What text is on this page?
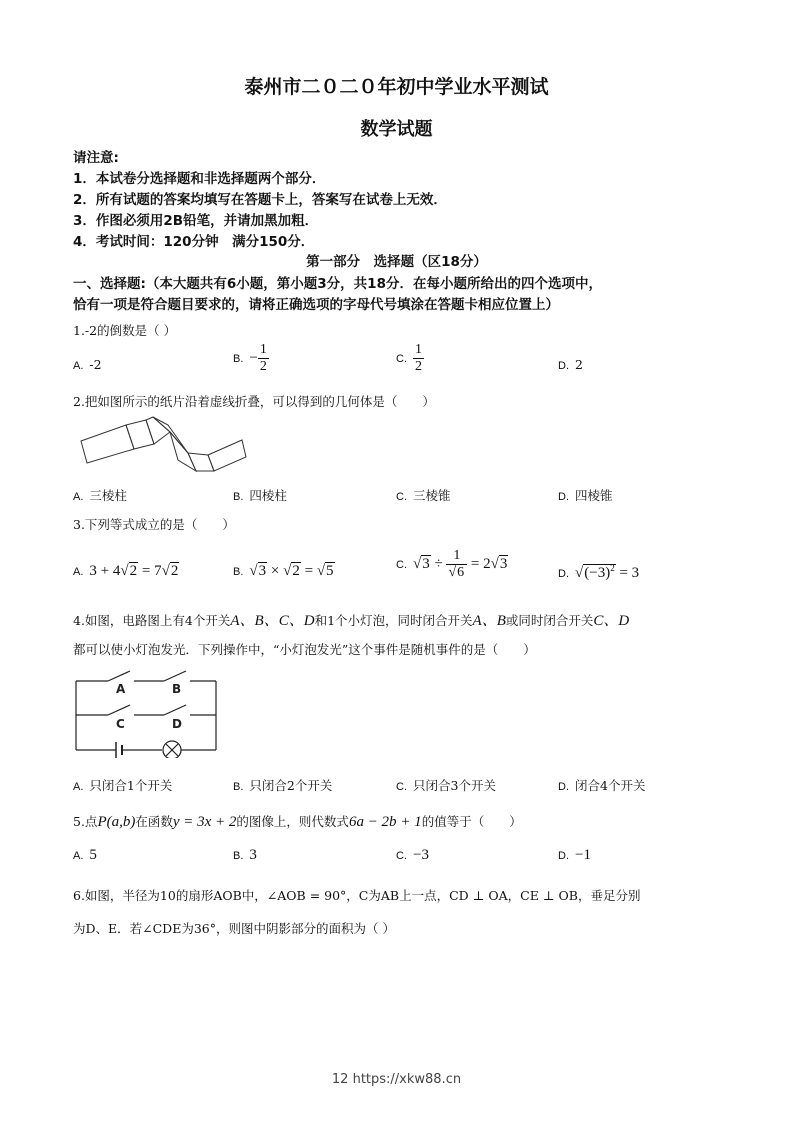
泰州市二０二０年初中学业水平测试
数学试题
请注意:
1．本试卷分选择题和非选择题两个部分．
2．所有试题的答案均填写在答题卡上，答案写在试卷上无效．
3．作图必须用2B铅笔，并请加黑加粗．
4．考试时间：120分钟　满分150分．
第一部分　选择题（区18分）
一、选择题:（本大题共有6小题，第小题3分，共18分．在每小题所给出的四个选项中，
恰有一项是符合题目要求的，请将正确选项的字母代号填涂在答题卡相应位置上）
1.-2的倒数是（ ）
A. -2	B. − $\frac{1}{2}$	C. $\frac{1}{2}$	D. 2
2.把如图所示的纸片沿着虚线折叠，可以得到的几何体是（　　）
A. 三棱柱	B. 四棱柱	C. 三棱锥	D. 四棱锥
3.下列等式成立的是（　　）
A. 3 + 4√2 = 7√2	B. √3 × √2 = √5	C. $√3 \div \frac{1}{√6} = 2√3$
D. $√(-3)^2 = 3$
4.如图，电路图上有4个开关A、B、C、D和1个小灯泡，同时闭合开关A、B或同时闭合开关C、D
都可以使小灯泡发光．下列操作中，“小灯泡发光”这个事件是随机事件的是（　　）
A	B
C	D
A. 只闭合1个开关	B. 只闭合2个开关	C. 只闭合3个开关	D. 闭合4个开关
5.点P(a,b)在函数y = 3x + 2的图像上，则代数式6a − 2b + 1的值等于（　　）
A. 5	B. 3	C. −3	D. −1
6.如图，半径为10的扇形AOB中，∠AOB = 90°，C为AB上一点，CD ⊥ OA，CE ⊥ OB，垂足分别
为D、E．若∠CDE为36°，则图中阴影部分的面积为（ ）
12 https://xkw88.cn
